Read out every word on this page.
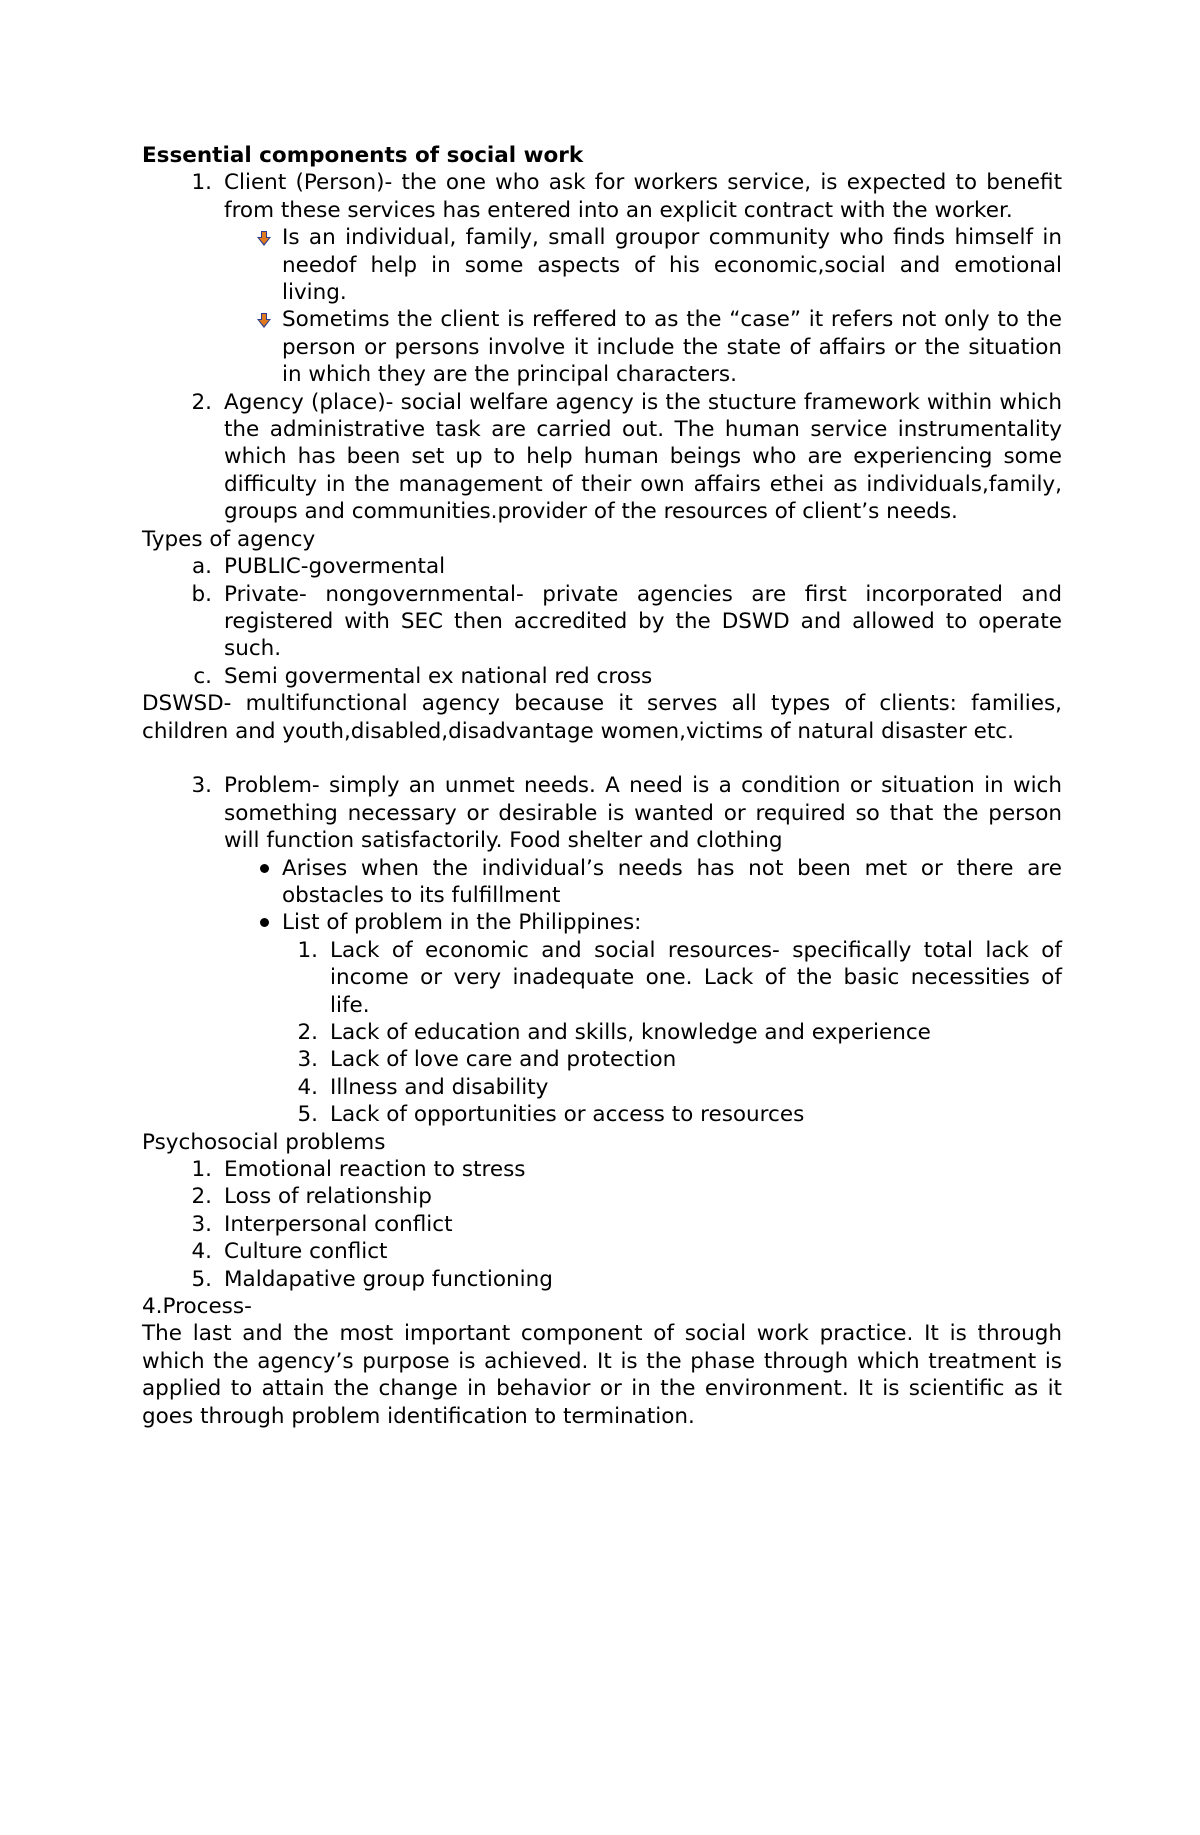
Essential components of social work

1. Client (Person)- the one who ask for workers service, is expected to benefit from these services has entered into an explicit contract with the worker.
Is an individual, family, small groupor community who finds himself in needof help in some aspects of his economic,social and emotional living.
Sometims the client is reffered to as the “case” it refers not only to the person or persons involve it include the state of affairs or the situation in which they are the principal characters.
2. Agency (place)- social welfare agency is the stucture framework within which the administrative task are carried out. The human service instrumentality which has been set up to help human beings who are experiencing some difficulty in the management of their own affairs ethei as individuals,family, groups and communities.provider of the resources of client’s needs.

Types of agency

a. PUBLIC-govermental
b. Private- nongovernmental- private agencies are first incorporated and registered with SEC then accredited by the DSWD and allowed to operate such.
c. Semi govermental ex national red cross

DSWSD- multifunctional agency because it serves all types of clients: families, children and youth,disabled,disadvantage women,victims of natural disaster etc.

3. Problem- simply an unmet needs. A need is a condition or situation in wich something necessary or desirable is wanted or required so that the person will function satisfactorily. Food shelter and clothing
Arises when the individual’s needs has not been met or there are obstacles to its fulfillment
List of problem in the Philippines:
1. Lack of economic and social resources- specifically total lack of income or very inadequate one. Lack of the basic necessities of life.
2. Lack of education and skills, knowledge and experience
3. Lack of love care and protection
4. Illness and disability
5. Lack of opportunities or access to resources

Psychosocial problems

1. Emotional reaction to stress
2. Loss of relationship
3. Interpersonal conflict
4. Culture conflict
5. Maldapative group functioning

4.Process-

The last and the most important component of social work practice. It is through which the agency’s purpose is achieved. It is the phase through which treatment is applied to attain the change in behavior or in the environment. It is scientific as it goes through problem identification to termination.
